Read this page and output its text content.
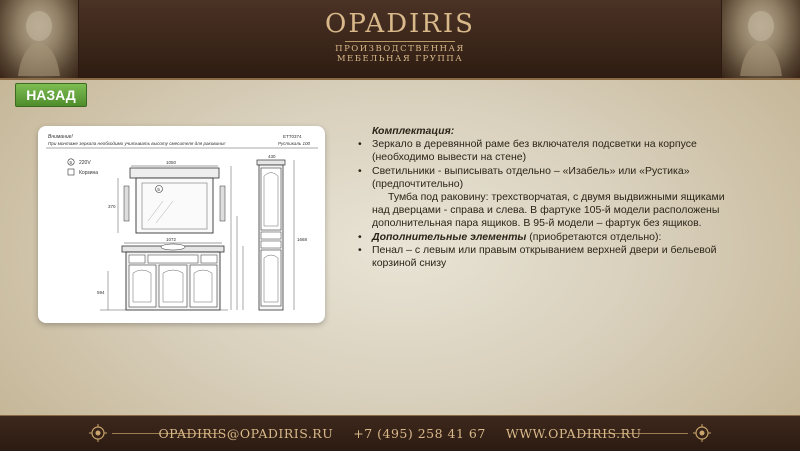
OPADIRIS
ПРОИЗВОДСТВЕННАЯ
МЕБЕЛЬНАЯ ГРУППА
НАЗАД
Внимание!
При монтаже зеркала необходимо учитывать высоту смесителя для раковины!
ЕТТ0374
Рустикаль 100
5 220V
Корзина
1050
5
370
1072
594
430
1668
Комплектация:
• Зеркало в деревянной раме без включателя подсветки на корпусе (необходимо вывести на стене)
• Светильники - выписывать отдельно – «Изабель» или «Рустика» (предпочтительно)
Тумба под раковину: трехстворчатая, с двумя выдвижными ящиками над дверцами - справа и слева. В фартуке 105-й модели расположены дополнительная пара ящиков. В 95-й модели – фартук без ящиков.
• Дополнительные элементы (приобретаются отдельно):
• Пенал – с левым или правым открыванием верхней двери и бельевой корзиной снизу
OPADIRIS@OPADIRIS.RU +7 (495) 258 41 67 WWW.OPADIRIS.RU
